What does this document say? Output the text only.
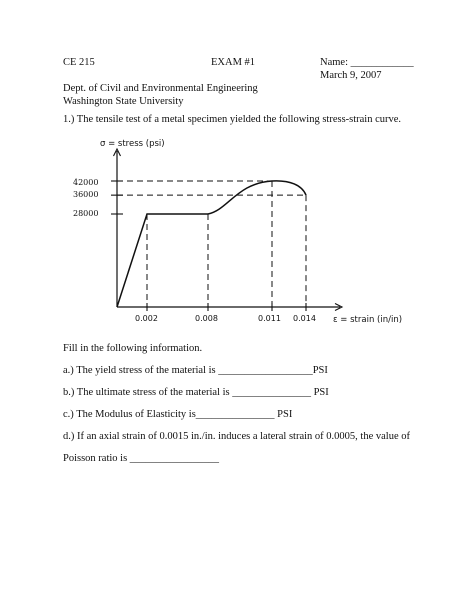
CE 215	EXAM #1	Name: ____________
March 9, 2007
Dept. of Civil and Environmental Engineering
Washington State University
1.) The tensile test of a metal specimen yielded the following stress-strain curve.
σ = stress (psi)
ε = strain (in/in)
0.002	0.008	0.011 0.014
42000
36000
28000
Fill in the following information.
a.) The yield stress of the material is __________________PSI
b.) The ultimate stress of the material is _______________ PSI
c.) The Modulus of Elasticity is_______________ PSI
d.) If an axial strain of 0.0015 in./in. induces a lateral strain of 0.0005, the value of
Poisson ratio is _________________
